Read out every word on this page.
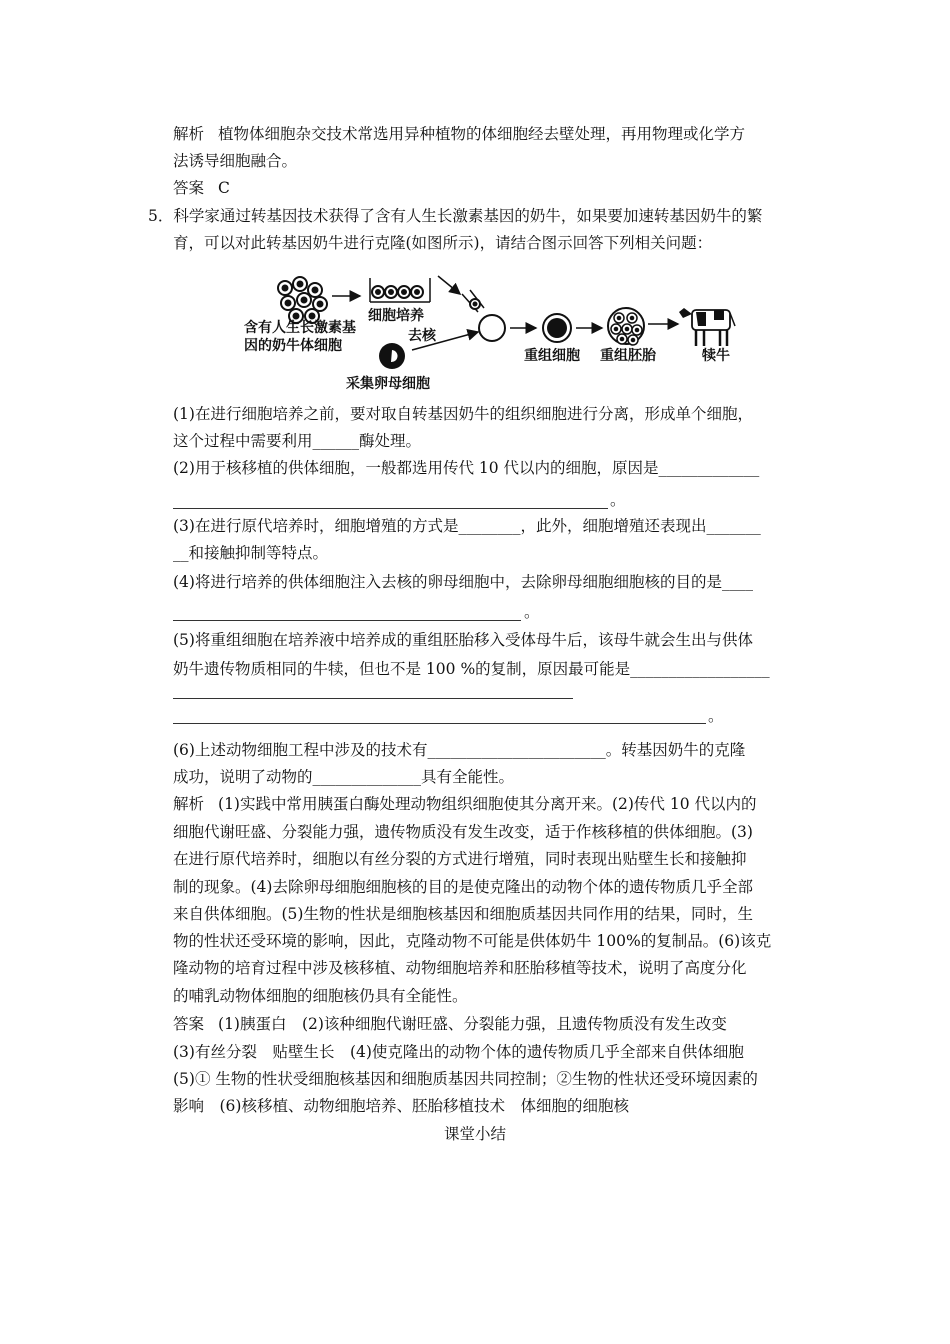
解析 植物体细胞杂交技术常选用异种植物的体细胞经去壁处理，再用物理或化学方
法诱导细胞融合。
答案 C
5．科学家通过转基因技术获得了含有人生长激素基因的奶牛，如果要加速转基因奶牛的繁
育，可以对此转基因奶牛进行克隆(如图所示)，请结合图示回答下列相关问题：
含有人生长激素基
因的奶牛体细胞
细胞培养
去核
采集卵母细胞
重组细胞 重组胚胎	犊牛
(1)在进行细胞培养之前，要对取自转基因奶牛的组织细胞进行分离，形成单个细胞，
这个过程中需要利用______酶处理。
(2)用于核移植的供体细胞，一般都选用传代 10 代以内的细胞，原因是_____________
。
(3)在进行原代培养时，细胞增殖的方式是________，此外，细胞增殖还表现出_______
__和接触抑制等特点。
(4)将进行培养的供体细胞注入去核的卵母细胞中，去除卵母细胞细胞核的目的是____
。
(5)将重组细胞在培养液中培养成的重组胚胎移入受体母牛后，该母牛就会生出与供体
奶牛遗传物质相同的牛犊，但也不是 100 %的复制，原因最可能是__________________
。
(6)上述动物细胞工程中涉及的技术有_______________________。转基因奶牛的克隆
成功，说明了动物的______________具有全能性。
解析 (1)实践中常用胰蛋白酶处理动物组织细胞使其分离开来。(2)传代 10 代以内的
细胞代谢旺盛、分裂能力强，遗传物质没有发生改变，适于作核移植的供体细胞。(3)
在进行原代培养时，细胞以有丝分裂的方式进行增殖，同时表现出贴壁生长和接触抑
制的现象。(4)去除卵母细胞细胞核的目的是使克隆出的动物个体的遗传物质几乎全部
来自供体细胞。(5)生物的性状是细胞核基因和细胞质基因共同作用的结果，同时，生
物的性状还受环境的影响，因此，克隆动物不可能是供体奶牛 100%的复制品。(6)该克
隆动物的培育过程中涉及核移植、动物细胞培养和胚胎移植等技术，说明了高度分化
的哺乳动物体细胞的细胞核仍具有全能性。
答案 (1)胰蛋白　(2)该种细胞代谢旺盛、分裂能力强，且遗传物质没有发生改变
(3)有丝分裂　贴壁生长　(4)使克隆出的动物个体的遗传物质几乎全部来自供体细胞
(5)① 生物的性状受细胞核基因和细胞质基因共同控制；②生物的性状还受环境因素的
影响　(6)核移植、动物细胞培养、胚胎移植技术　体细胞的细胞核
课堂小结
